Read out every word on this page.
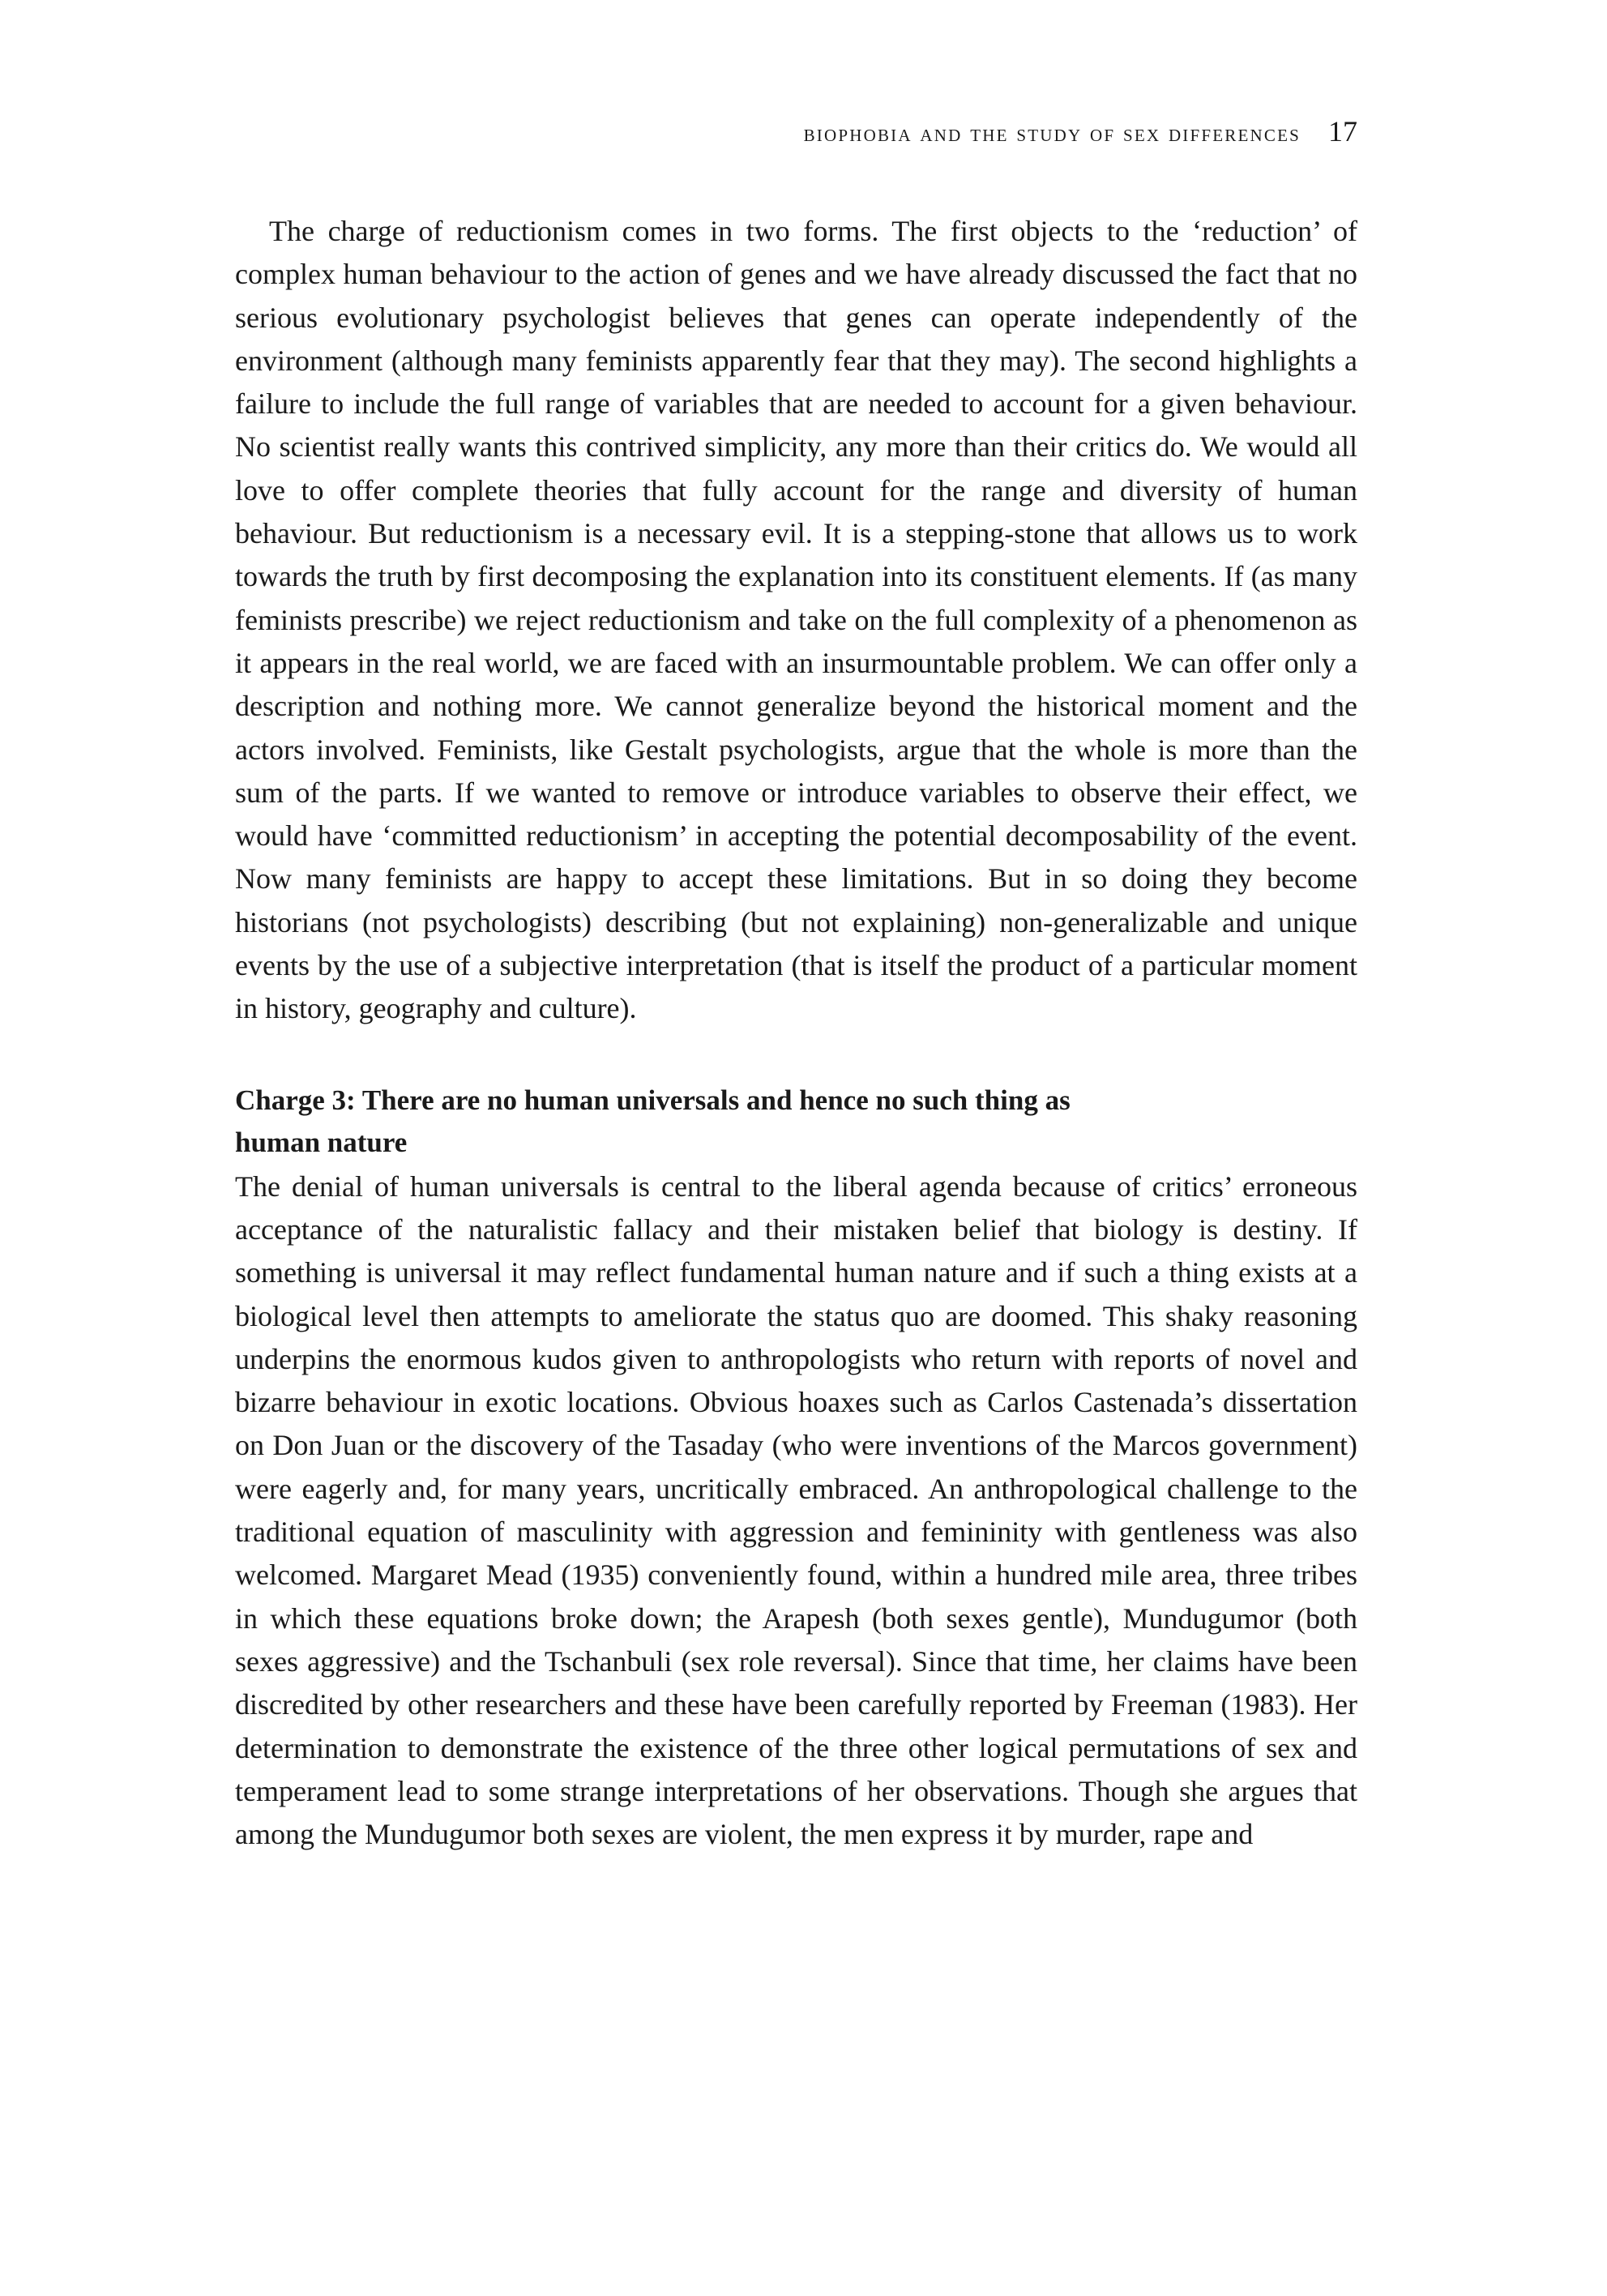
biophobia and the study of sex differences 17

The charge of reductionism comes in two forms. The first objects to the ‘reduction’ of complex human behaviour to the action of genes and we have already discussed the fact that no serious evolutionary psychologist believes that genes can operate independently of the environment (although many feminists apparently fear that they may). The second highlights a failure to include the full range of variables that are needed to account for a given behaviour. No scientist really wants this contrived simplicity, any more than their critics do. We would all love to offer complete theories that fully account for the range and diversity of human behaviour. But reductionism is a necessary evil. It is a stepping-stone that allows us to work towards the truth by first decomposing the explanation into its constituent elements. If (as many feminists prescribe) we reject reductionism and take on the full complexity of a phenomenon as it appears in the real world, we are faced with an insurmountable problem. We can offer only a description and nothing more. We cannot generalize beyond the historical moment and the actors involved. Feminists, like Gestalt psychologists, argue that the whole is more than the sum of the parts. If we wanted to remove or introduce variables to observe their effect, we would have ‘committed reductionism’ in accepting the potential decomposability of the event. Now many feminists are happy to accept these limitations. But in so doing they become historians (not psychologists) describing (but not explaining) non-generalizable and unique events by the use of a subjective interpretation (that is itself the product of a particular moment in history, geography and culture).

Charge 3: There are no human universals and hence no such thing as
human nature

The denial of human universals is central to the liberal agenda because of critics’ erroneous acceptance of the naturalistic fallacy and their mistaken belief that biology is destiny. If something is universal it may reflect fundamental human nature and if such a thing exists at a biological level then attempts to ameliorate the status quo are doomed. This shaky reasoning underpins the enormous kudos given to anthropologists who return with reports of novel and bizarre behaviour in exotic locations. Obvious hoaxes such as Carlos Castenada’s dissertation on Don Juan or the discovery of the Tasaday (who were inventions of the Marcos government) were eagerly and, for many years, uncritically embraced. An anthropological challenge to the traditional equation of masculinity with aggression and femininity with gentleness was also welcomed. Margaret Mead (1935) conveniently found, within a hundred mile area, three tribes in which these equations broke down; the Arapesh (both sexes gentle), Mundugumor (both sexes aggressive) and the Tschanbuli (sex role reversal). Since that time, her claims have been discredited by other researchers and these have been carefully reported by Freeman (1983). Her determination to demonstrate the existence of the three other logical permutations of sex and temperament lead to some strange interpretations of her observations. Though she argues that among the Mundugumor both sexes are violent, the men express it by murder, rape and
